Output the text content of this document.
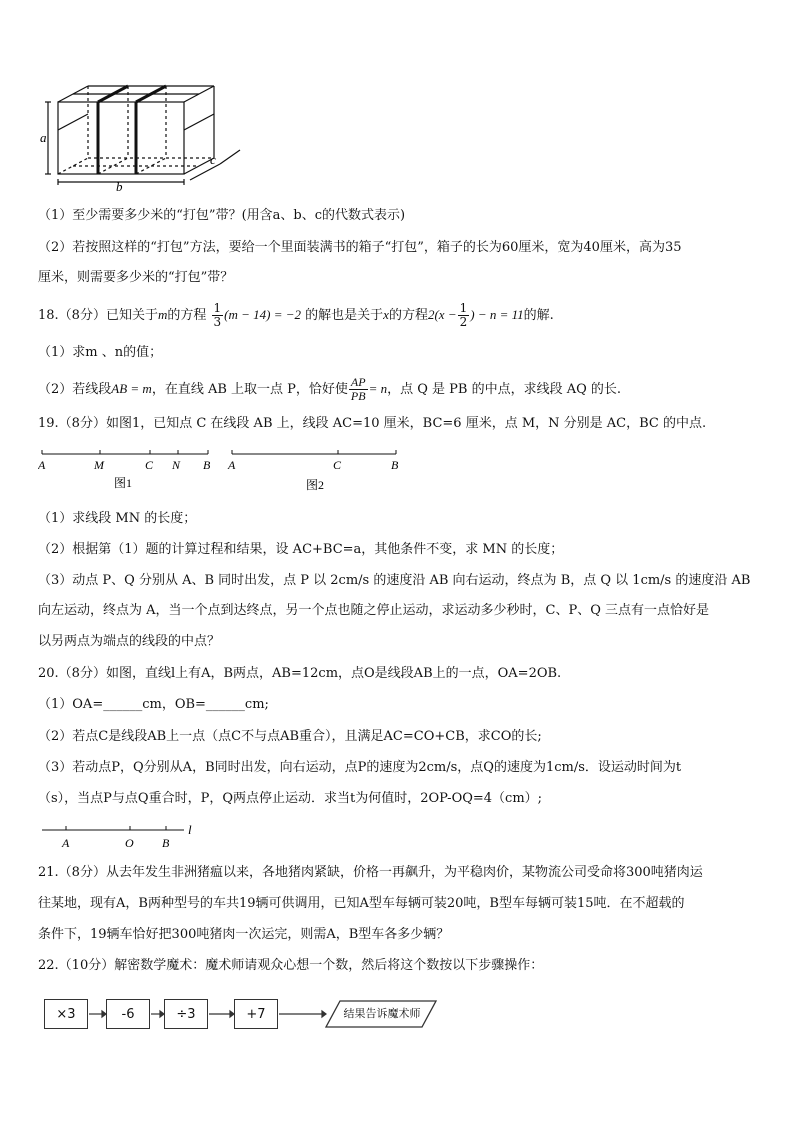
a
b
c
（1）至少需要多少米的“打包”带？(用含a、b、c的代数式表示)
（2）若按照这样的“打包”方法，要给一个里面装满书的箱子“打包”，箱子的长为60厘米，宽为40厘米，高为35
厘米，则需要多少米的“打包”带？
18.（8分）已知关于m的方程 $\frac{1}{3} (m - 14) = -2$ 的解也是关于x的方程$2(x - \frac{1}{2}$ ) − n = 11的解.
（1）求m 、n的值；
（2）若线段AB = m，在直线 AB 上取一点 P，恰好使 $\frac{AP}{PB} = n$，点 Q 是 PB 的中点，求线段 AQ 的长.
19.（8分）如图1，已知点 C 在线段 AB 上，线段 AC=10 厘米，BC=6 厘米，点 M，N 分别是 AC，BC 的中点.
A	M	C N B
图1
A	C	B
图2
（1）求线段 MN 的长度；
（2）根据第（1）题的计算过程和结果，设 AC+BC=a，其他条件不变，求 MN 的长度；
（3）动点 P、Q 分别从 A、B 同时出发，点 P 以 2cm/s 的速度沿 AB 向右运动，终点为 B，点 Q 以 1cm/s 的速度沿 AB
向左运动，终点为 A，当一个点到达终点，另一个点也随之停止运动，求运动多少秒时，C、P、Q 三点有一点恰好是
以另两点为端点的线段的中点？
20.（8分）如图，直线l上有A，B两点，AB=12cm，点O是线段AB上的一点，OA=2OB.
（1）OA=______cm，OB=______cm;
（2）若点C是线段AB上一点（点C不与点AB重合），且满足AC=CO+CB，求CO的长;
（3）若动点P，Q分别从A，B同时出发，向右运动，点P的速度为2cm/s，点Q的速度为1cm/s．设运动时间为t
（s），当点P与点Q重合时，P，Q两点停止运动．求当t为何值时，2OP-OQ=4（cm）;
l
A	O B
21.（8分）从去年发生非洲猪瘟以来，各地猪肉紧缺，价格一再飙升，为平稳肉价，某物流公司受命将300吨猪肉运
往某地，现有A，B两种型号的车共19辆可供调用，已知A型车每辆可装20吨，B型车每辆可装15吨．在不超载的
条件下，19辆车恰好把300吨猪肉一次运完，则需A，B型车各多少辆？
22.（10分）解密数学魔术：魔术师请观众心想一个数，然后将这个数按以下步骤操作：
×3	-6	÷3	+7	结果告诉魔术师
